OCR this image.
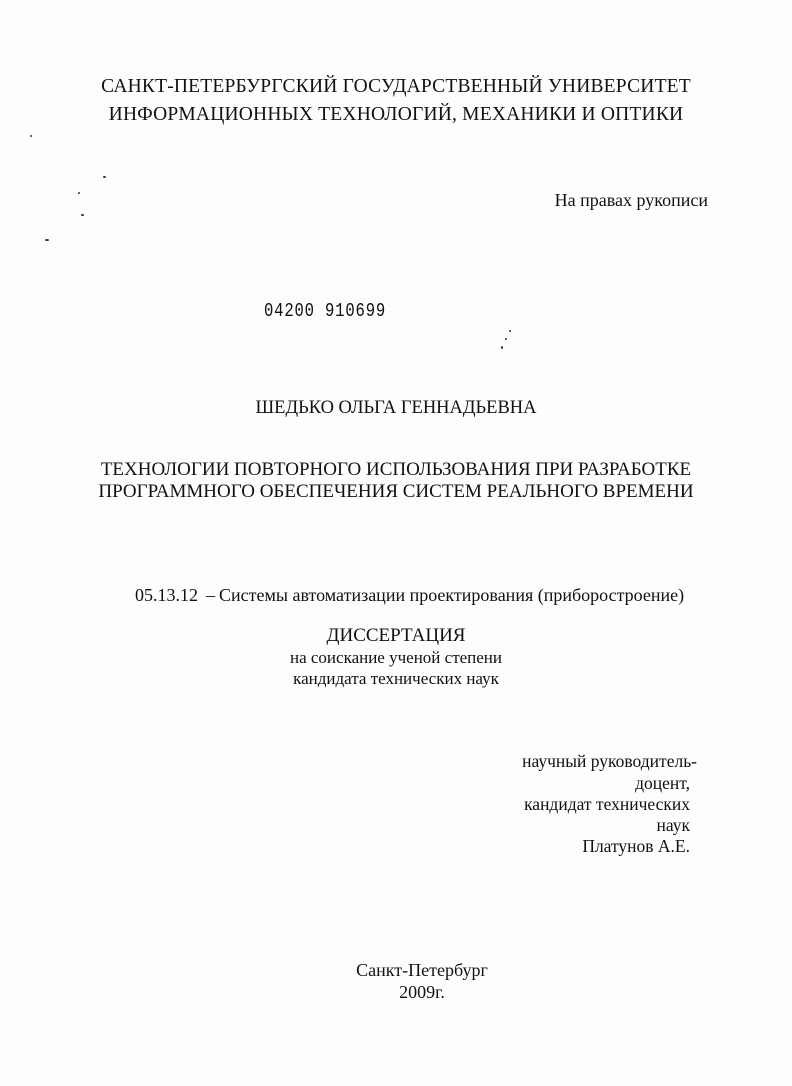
САНКТ-ПЕТЕРБУРГСКИЙ ГОСУДАРСТВЕННЫЙ УНИВЕРСИТЕТ
ИНФОРМАЦИОННЫХ ТЕХНОЛОГИЙ, МЕХАНИКИ И ОПТИКИ
На правах рукописи
04200 910699
ШЕДЬКО ОЛЬГА ГЕННАДЬЕВНА
ТЕХНОЛОГИИ ПОВТОРНОГО ИСПОЛЬЗОВАНИЯ ПРИ РАЗРАБОТКЕ
ПРОГРАММНОГО ОБЕСПЕЧЕНИЯ СИСТЕМ РЕАЛЬНОГО ВРЕМЕНИ
05.13.12 – Системы автоматизации проектирования (приборостроение)
ДИССЕРТАЦИЯ
на соискание ученой степени
кандидата технических наук
научный руководитель-
доцент,
кандидат технических
наук
Платунов А.Е.
Санкт-Петербург
2009г.
